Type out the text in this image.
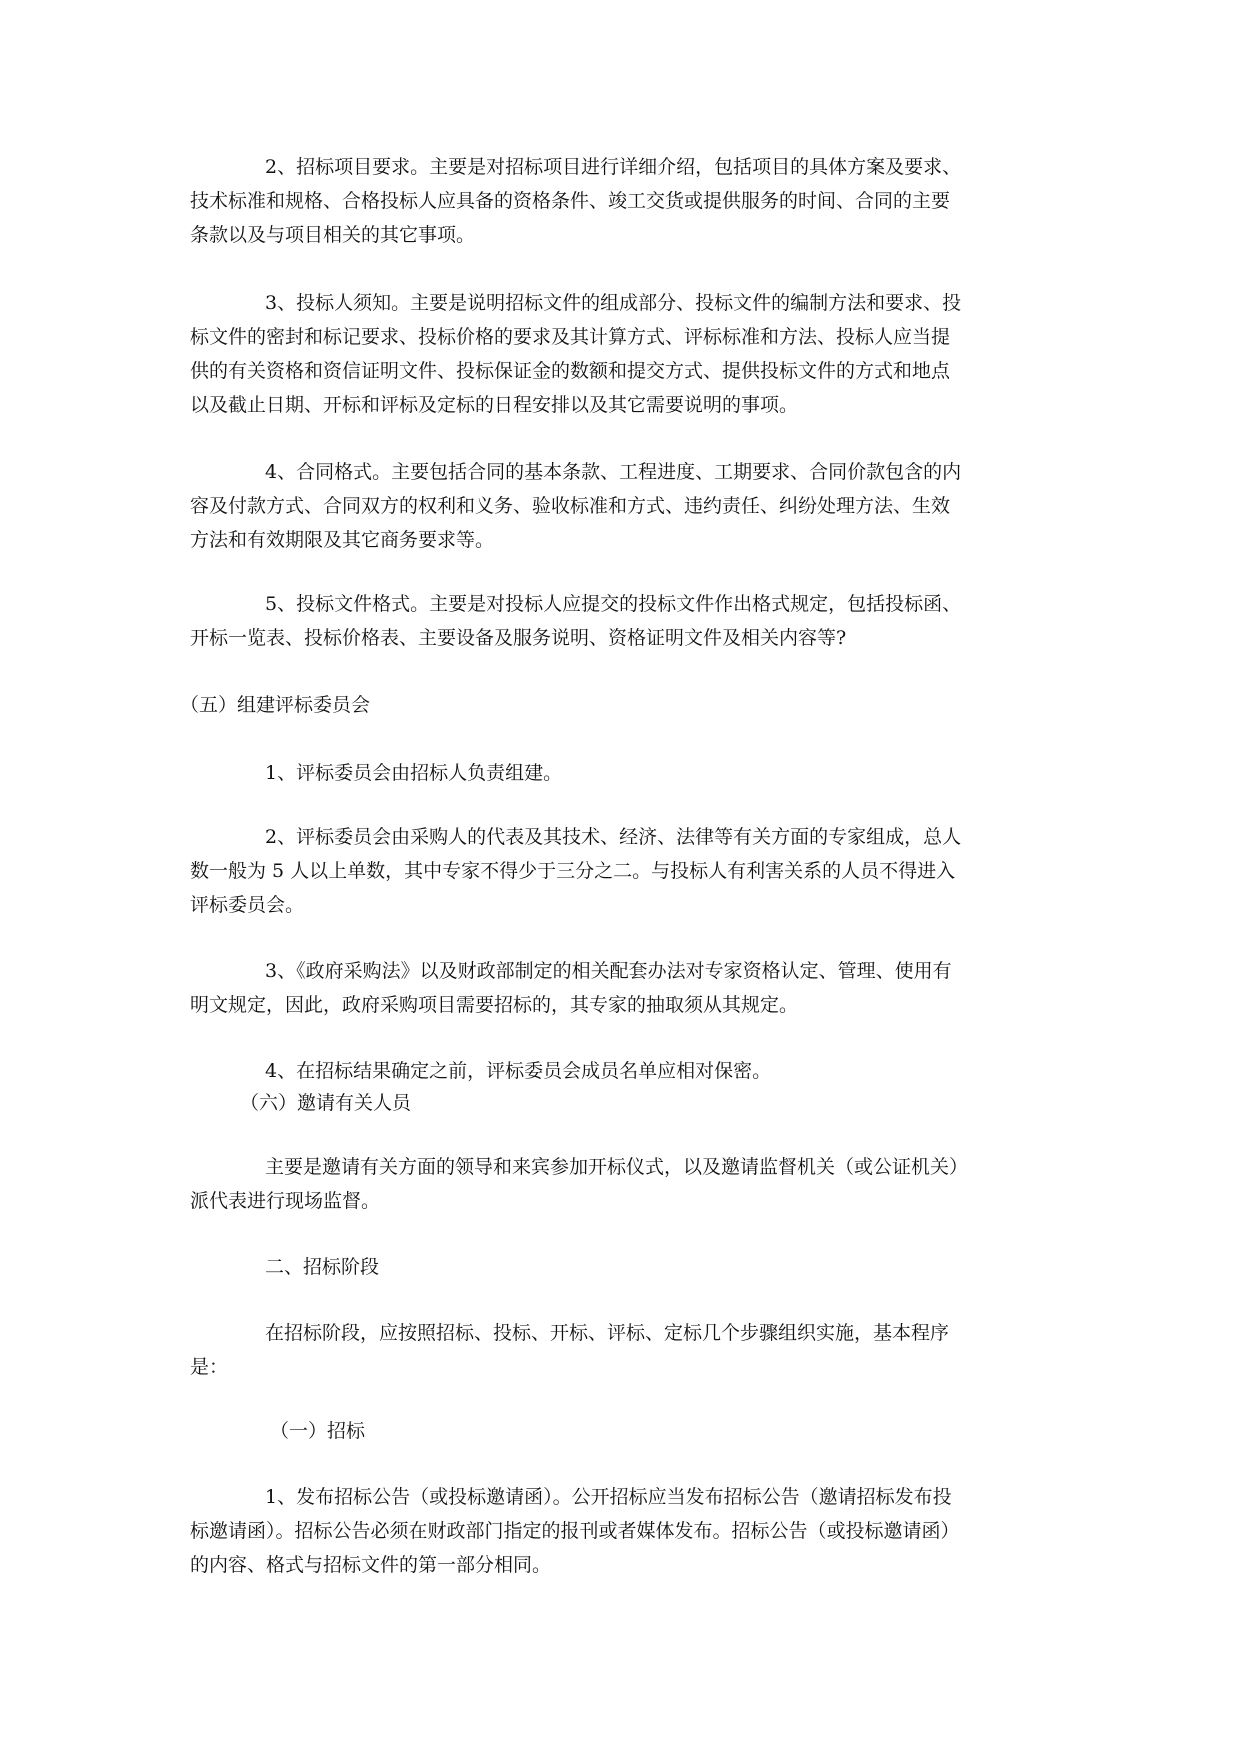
2、招标项目要求。主要是对招标项目进行详细介绍，包括项目的具体方案及要求、
技术标准和规格、合格投标人应具备的资格条件、竣工交货或提供服务的时间、合同的主要
条款以及与项目相关的其它事项。
3、投标人须知。主要是说明招标文件的组成部分、投标文件的编制方法和要求、投
标文件的密封和标记要求、投标价格的要求及其计算方式、评标标准和方法、投标人应当提
供的有关资格和资信证明文件、投标保证金的数额和提交方式、提供投标文件的方式和地点
以及截止日期、开标和评标及定标的日程安排以及其它需要说明的事项。
4、合同格式。主要包括合同的基本条款、工程进度、工期要求、合同价款包含的内
容及付款方式、合同双方的权利和义务、验收标准和方式、违约责任、纠纷处理方法、生效
方法和有效期限及其它商务要求等。
5、投标文件格式。主要是对投标人应提交的投标文件作出格式规定，包括投标函、
开标一览表、投标价格表、主要设备及服务说明、资格证明文件及相关内容等?
（五）组建评标委员会
1、评标委员会由招标人负责组建。
2、评标委员会由采购人的代表及其技术、经济、法律等有关方面的专家组成，总人
数一般为 5 人以上单数，其中专家不得少于三分之二。与投标人有利害关系的人员不得进入
评标委员会。
3、《政府采购法》以及财政部制定的相关配套办法对专家资格认定、管理、使用有
明文规定，因此，政府采购项目需要招标的，其专家的抽取须从其规定。
4、在招标结果确定之前，评标委员会成员名单应相对保密。
（六）邀请有关人员
主要是邀请有关方面的领导和来宾参加开标仪式，以及邀请监督机关（或公证机关）
派代表进行现场监督。
二、招标阶段
在招标阶段，应按照招标、投标、开标、评标、定标几个步骤组织实施，基本程序
是：
（一）招标
1、发布招标公告（或投标邀请函）。公开招标应当发布招标公告（邀请招标发布投
标邀请函）。招标公告必须在财政部门指定的报刊或者媒体发布。招标公告（或投标邀请函）
的内容、格式与招标文件的第一部分相同。
